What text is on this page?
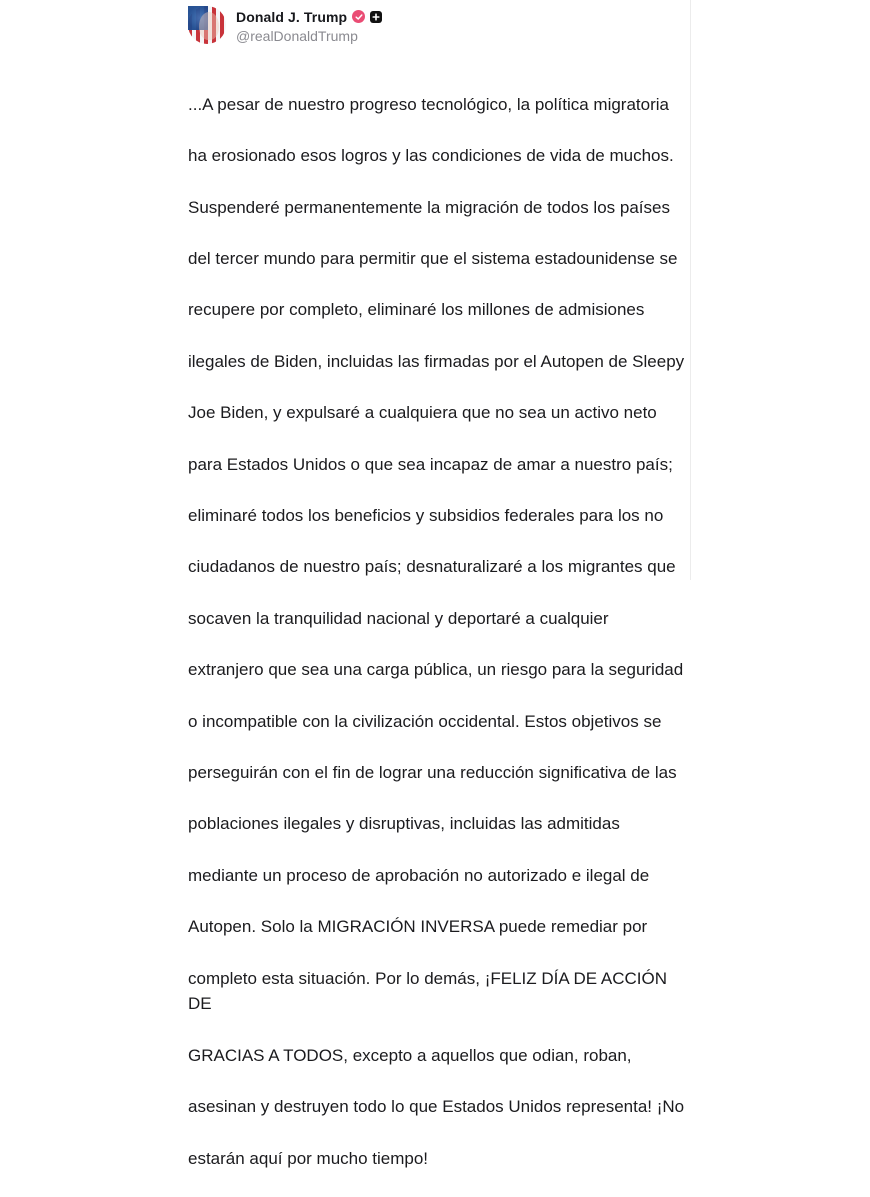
Donald J. Trump
@realDonaldTrump

...A pesar de nuestro progreso tecnológico, la política migratoria

ha erosionado esos logros y las condiciones de vida de muchos.

Suspenderé permanentemente la migración de todos los países

del tercer mundo para permitir que el sistema estadounidense se

recupere por completo, eliminaré los millones de admisiones

ilegales de Biden, incluidas las firmadas por el Autopen de Sleepy

Joe Biden, y expulsaré a cualquiera que no sea un activo neto

para Estados Unidos o que sea incapaz de amar a nuestro país;

eliminaré todos los beneficios y subsidios federales para los no

ciudadanos de nuestro país; desnaturalizaré a los migrantes que

socaven la tranquilidad nacional y deportaré a cualquier

extranjero que sea una carga pública, un riesgo para la seguridad

o incompatible con la civilización occidental. Estos objetivos se

perseguirán con el fin de lograr una reducción significativa de las

poblaciones ilegales y disruptivas, incluidas las admitidas

mediante un proceso de aprobación no autorizado e ilegal de

Autopen. Solo la MIGRACIÓN INVERSA puede remediar por

completo esta situación. Por lo demás, ¡FELIZ DÍA DE ACCIÓN DE

GRACIAS A TODOS, excepto a aquellos que odian, roban,

asesinan y destruyen todo lo que Estados Unidos representa! ¡No

estarán aquí por mucho tiempo!
